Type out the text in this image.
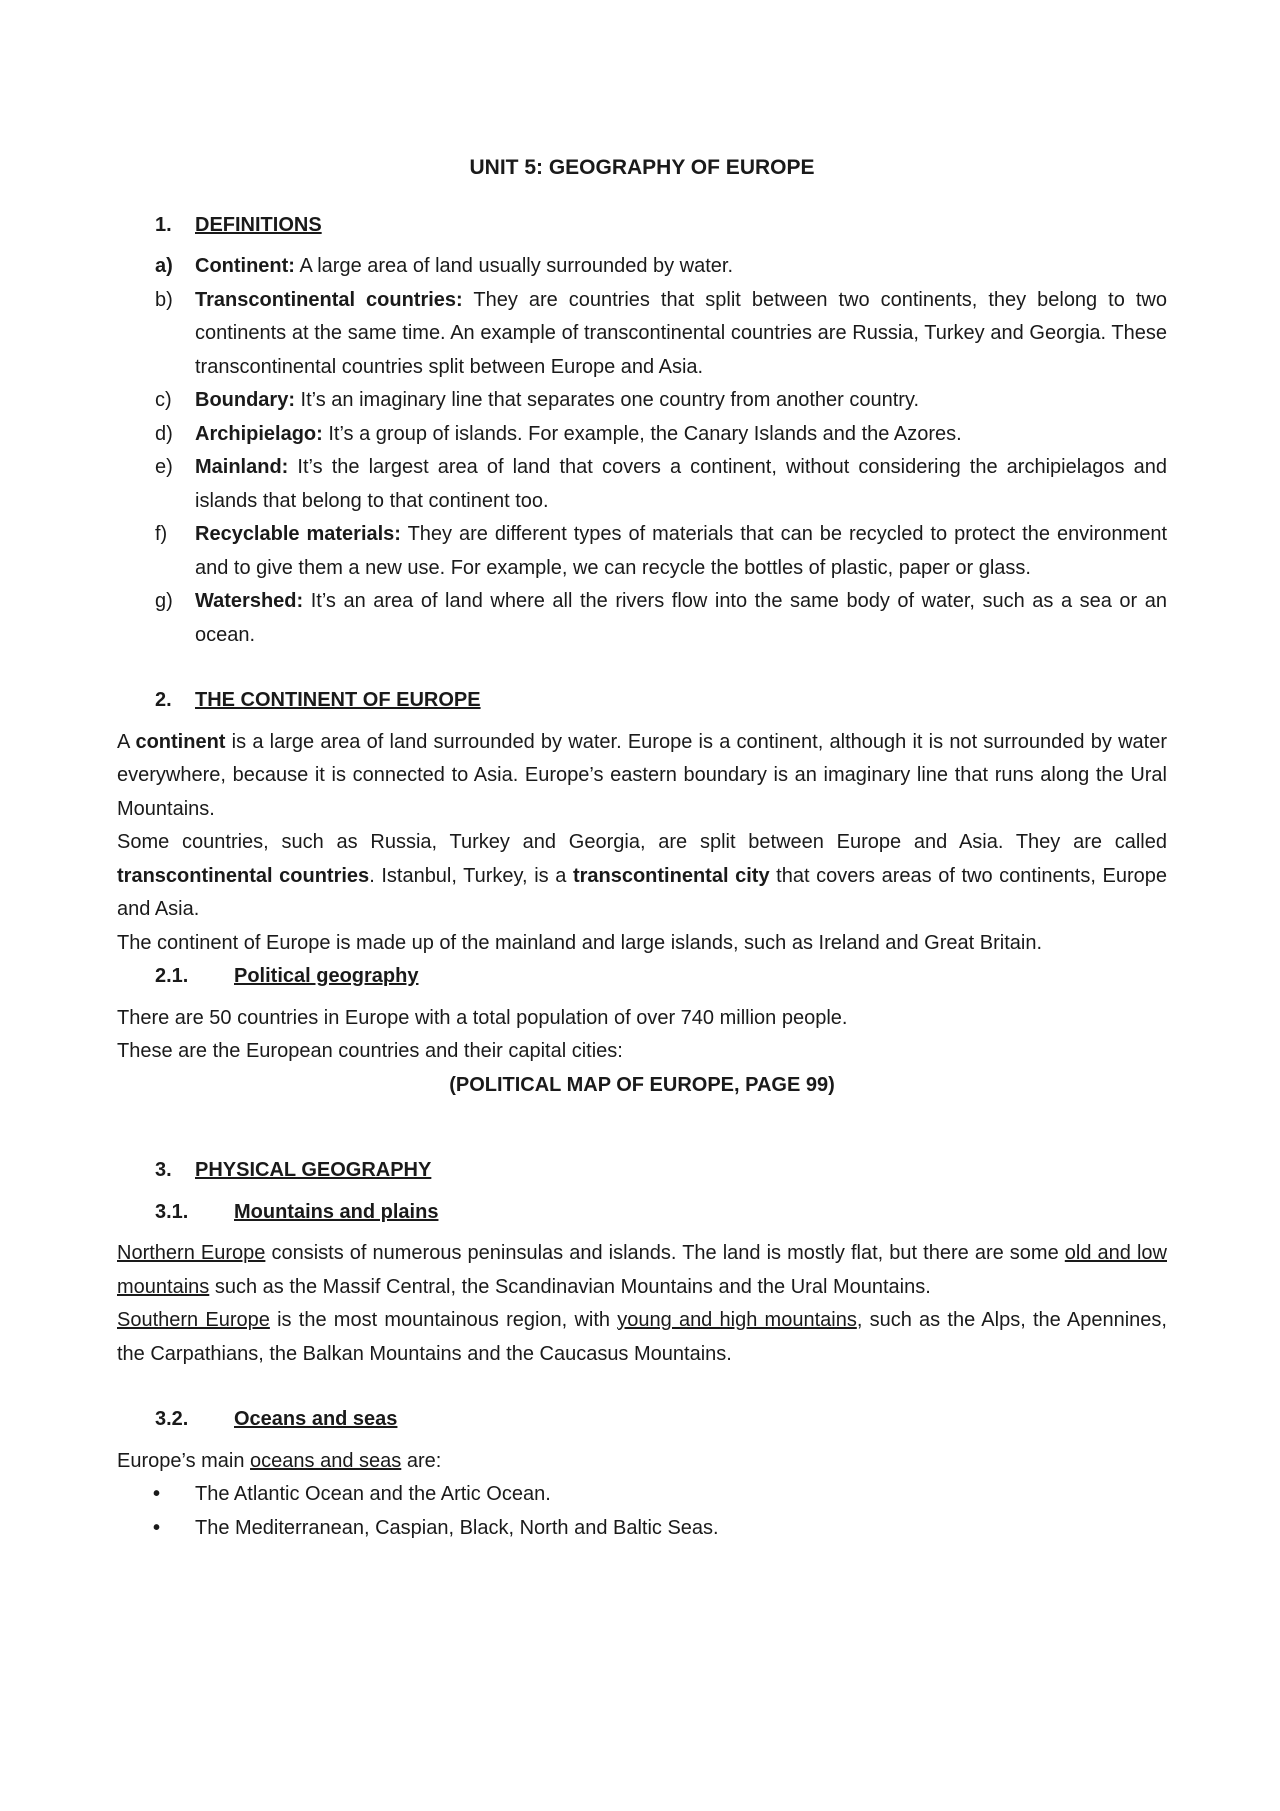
UNIT 5: GEOGRAPHY OF EUROPE
1. DEFINITIONS
a) Continent: A large area of land usually surrounded by water.
b) Transcontinental countries: They are countries that split between two continents, they belong to two continents at the same time. An example of transcontinental countries are Russia, Turkey and Georgia. These transcontinental countries split between Europe and Asia.
c) Boundary: It’s an imaginary line that separates one country from another country.
d) Archipielago: It’s a group of islands. For example, the Canary Islands and the Azores.
e) Mainland: It’s the largest area of land that covers a continent, without considering the archipielagos and islands that belong to that continent too.
f) Recyclable materials: They are different types of materials that can be recycled to protect the environment and to give them a new use. For example, we can recycle the bottles of plastic, paper or glass.
g) Watershed: It’s an area of land where all the rivers flow into the same body of water, such as a sea or an ocean.
2. THE CONTINENT OF EUROPE

A continent is a large area of land surrounded by water. Europe is a continent, although it is not surrounded by water everywhere, because it is connected to Asia. Europe’s eastern boundary is an imaginary line that runs along the Ural Mountains.

Some countries, such as Russia, Turkey and Georgia, are split between Europe and Asia. They are called transcontinental countries. Istanbul, Turkey, is a transcontinental city that covers areas of two continents, Europe and Asia.

The continent of Europe is made up of the mainland and large islands, such as Ireland and Great Britain.

2.1. Political geography

There are 50 countries in Europe with a total population of over 740 million people.

These are the European countries and their capital cities:

(POLITICAL MAP OF EUROPE, PAGE 99)

3. PHYSICAL GEOGRAPHY
3.1. Mountains and plains

Northern Europe consists of numerous peninsulas and islands. The land is mostly flat, but there are some old and low mountains such as the Massif Central, the Scandinavian Mountains and the Ural Mountains.

Southern Europe is the most mountainous region, with young and high mountains, such as the Alps, the Apennines, the Carpathians, the Balkan Mountains and the Caucasus Mountains.

3.2. Oceans and seas

Europe’s main oceans and seas are:

• The Atlantic Ocean and the Artic Ocean.
• The Mediterranean, Caspian, Black, North and Baltic Seas.
